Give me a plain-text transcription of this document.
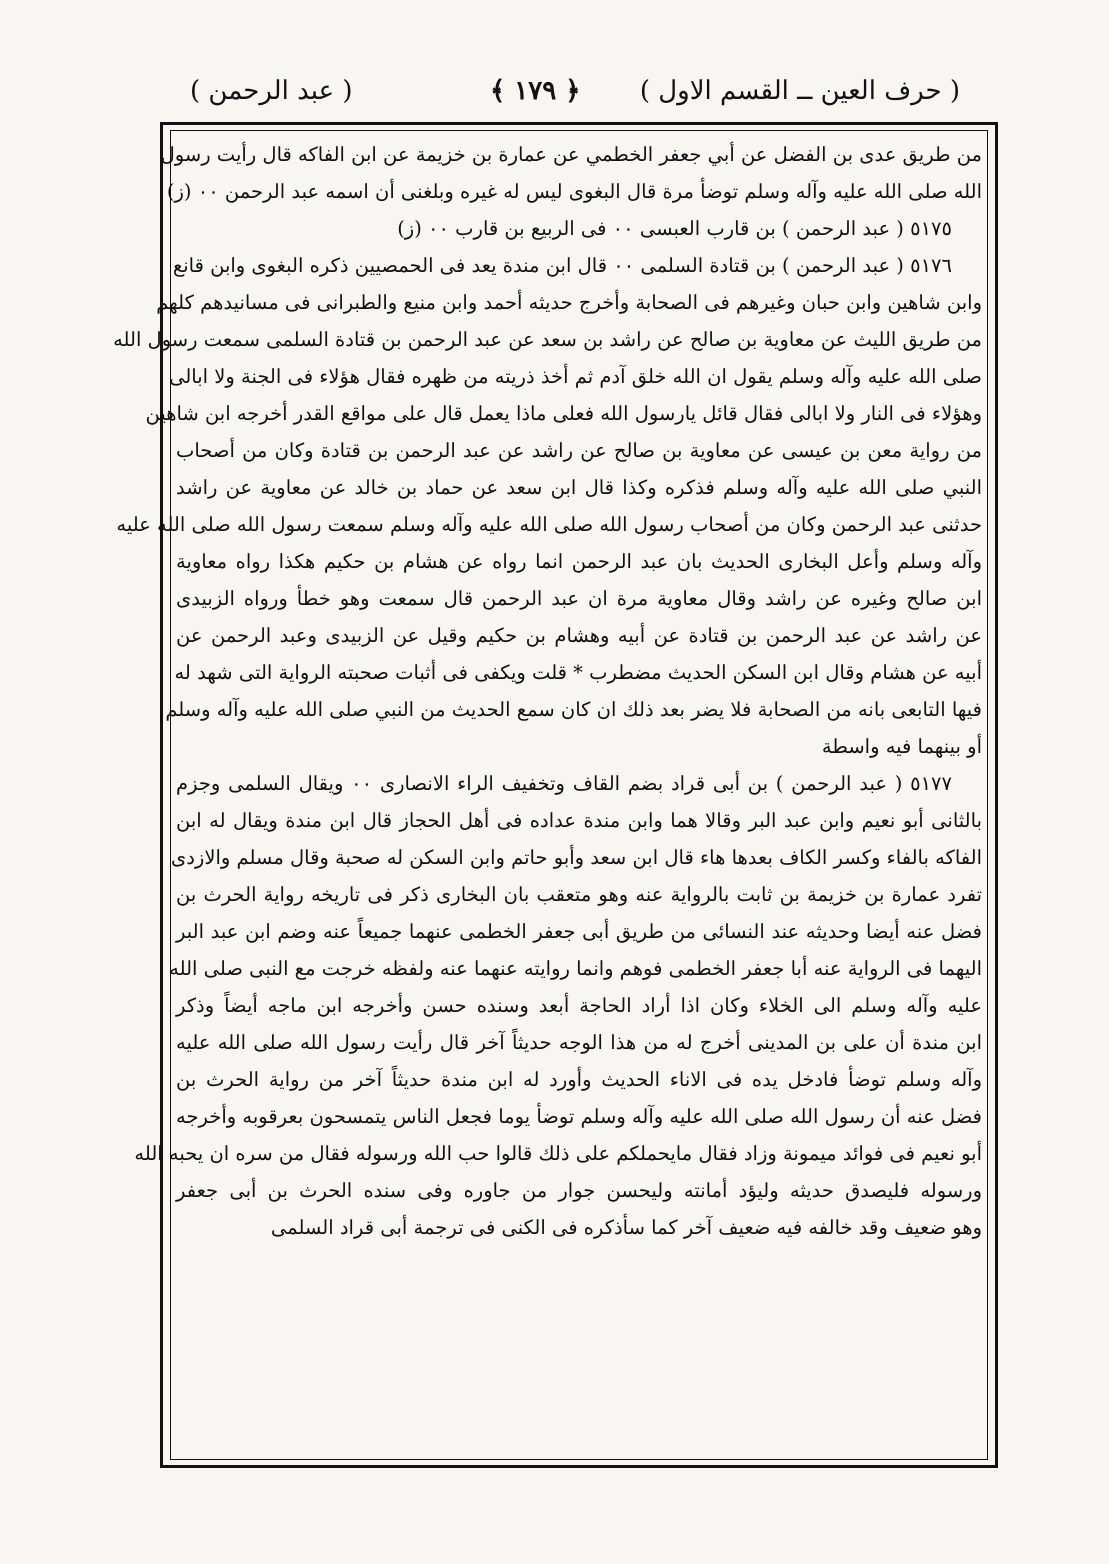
( حرف العين ــ القسم الاول )
﴾ ١٧٩ ﴿
( عبد الرحمن )
من طريق عدى بن الفضل عن أبي جعفر الخطمي عن عمارة بن خزيمة عن ابن الفاكه قال رأيت رسول
الله صلى الله عليه وآله وسلم توضأ مرة قال البغوى ليس له غيره وبلغنى أن اسمه عبد الرحمن ٠٠ (ز)
٥١٧٥ ( عبد الرحمن ) بن قارب العبسى ٠٠ فى الربيع بن قارب ٠٠ (ز)
٥١٧٦ ( عبد الرحمن ) بن قتادة السلمى ٠٠ قال ابن مندة يعد فى الحمصيين ذكره البغوى وابن قانع
وابن شاهين وابن حبان وغيرهم فى الصحابة وأخرج حديثه أحمد وابن منيع والطبرانى فى مسانيدهم كلهم
من طريق الليث عن معاوية بن صالح عن راشد بن سعد عن عبد الرحمن بن قتادة السلمى سمعت رسول الله
صلى الله عليه وآله وسلم يقول ان الله خلق آدم ثم أخذ ذريته من ظهره فقال هؤلاء فى الجنة ولا ابالى
وهؤلاء فى النار ولا ابالى فقال قائل يارسول الله فعلى ماذا يعمل قال على مواقع القدر أخرجه ابن شاهين
من رواية معن بن عيسى عن معاوية بن صالح عن راشد عن عبد الرحمن بن قتادة وكان من أصحاب
النبي صلى الله عليه وآله وسلم فذكره وكذا قال ابن سعد عن حماد بن خالد عن معاوية عن راشد
حدثنى عبد الرحمن وكان من أصحاب رسول الله صلى الله عليه وآله وسلم سمعت رسول الله صلى الله عليه
وآله وسلم وأعل البخارى الحديث بان عبد الرحمن انما رواه عن هشام بن حكيم هكذا رواه معاوية
ابن صالح وغيره عن راشد وقال معاوية مرة ان عبد الرحمن قال سمعت وهو خطأ ورواه الزبيدى
عن راشد عن عبد الرحمن بن قتادة عن أبيه وهشام بن حكيم وقيل عن الزبيدى وعبد الرحمن عن
أبيه عن هشام وقال ابن السكن الحديث مضطرب * قلت ويكفى فى أثبات صحبته الرواية التى شهد له
فيها التابعى بانه من الصحابة فلا يضر بعد ذلك ان كان سمع الحديث من النبي صلى الله عليه وآله وسلم
أو بينهما فيه واسطة
٥١٧٧ ( عبد الرحمن ) بن أبى قراد بضم القاف وتخفيف الراء الانصارى ٠٠ ويقال السلمى وجزم
بالثانى أبو نعيم وابن عبد البر وقالا هما وابن مندة عداده فى أهل الحجاز قال ابن مندة ويقال له ابن
الفاكه بالفاء وكسر الكاف بعدها هاء قال ابن سعد وأبو حاتم وابن السكن له صحبة وقال مسلم والازدى
تفرد عمارة بن خزيمة بن ثابت بالرواية عنه وهو متعقب بان البخارى ذكر فى تاريخه رواية الحرث بن
فضل عنه أيضا وحديثه عند النسائى من طريق أبى جعفر الخطمى عنهما جميعاً عنه وضم ابن عبد البر
اليهما فى الرواية عنه أبا جعفر الخطمى فوهم وانما روايته عنهما عنه ولفظه خرجت مع النبى صلى الله
عليه وآله وسلم الى الخلاء وكان اذا أراد الحاجة أبعد وسنده حسن وأخرجه ابن ماجه أيضاً وذكر
ابن مندة أن على بن المدينى أخرج له من هذا الوجه حديثاً آخر قال رأيت رسول الله صلى الله عليه
وآله وسلم توضأ فادخل يده فى الاناء الحديث وأورد له ابن مندة حديثاً آخر من رواية الحرث بن
فضل عنه أن رسول الله صلى الله عليه وآله وسلم توضأ يوما فجعل الناس يتمسحون بعرقوبه وأخرجه
أبو نعيم فى فوائد ميمونة وزاد فقال مايحملكم على ذلك قالوا حب الله ورسوله فقال من سره ان يحبه الله
ورسوله فليصدق حديثه وليؤد أمانته وليحسن جوار من جاوره وفى سنده الحرث بن أبى جعفر
وهو ضعيف وقد خالفه فيه ضعيف آخر كما سأذكره فى الكنى فى ترجمة أبى قراد السلمى
